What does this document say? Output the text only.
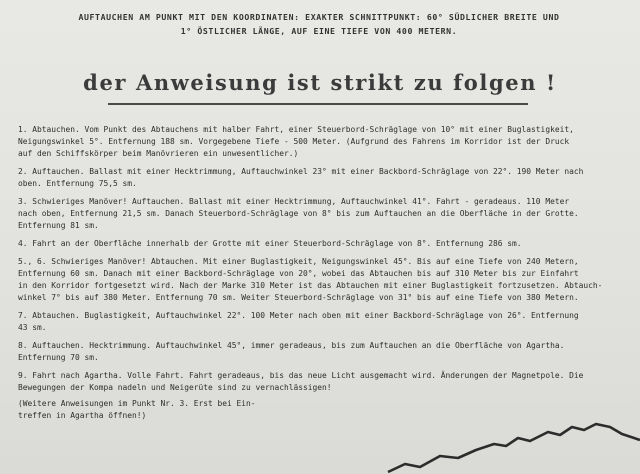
AUFTAUCHEN AM PUNKT MIT DEN KOORDINATEN: EXAKTER SCHNITTPUNKT: 60° SÜDLICHER BREITE UND
1° ÖSTLICHER LÄNGE, AUF EINE TIEFE VON 400 METERN.
der Anweisung ist strikt zu folgen !
1. Abtauchen. Vom Punkt des Abtauchens mit halber Fahrt, einer Steuerbord-Schräglage von 10° mit einer Buglastigkeit,
Neigungswinkel 5°. Entfernung 188 sm. Vorgegebene Tiefe - 500 Meter. (Aufgrund des Fahrens im Korridor ist der Druck
auf den Schiffskörper beim Manövrieren ein unwesentlicher.)
2. Auftauchen. Ballast mit einer Hecktrimmung, Auftauchwinkel 23° mit einer Backbord-Schräglage von 22°. 190 Meter nach
oben. Entfernung 75,5 sm.
3. Schwieriges Manöver! Auftauchen. Ballast mit einer Hecktrimmung, Auftauchwinkel 41°. Fahrt - geradeaus. 110 Meter
nach oben, Entfernung 21,5 sm. Danach Steuerbord-Schräglage von 8° bis zum Auftauchen an die Oberfläche in der Grotte.
Entfernung 81 sm.
4. Fahrt an der Oberfläche innerhalb der Grotte mit einer Steuerbord-Schräglage von 8°. Entfernung 286 sm.
5., 6. Schwieriges Manöver! Abtauchen. Mit einer Buglastigkeit, Neigungswinkel 45°. Bis auf eine Tiefe von 240 Metern,
Entfernung 60 sm. Danach mit einer Backbord-Schräglage von 20°, wobei das Abtauchen bis auf 310 Meter bis zur Einfahrt
in den Korridor fortgesetzt wird. Nach der Marke 310 Meter ist das Abtauchen mit einer Buglastigkeit fortzusetzen. Abtauch-
winkel 7° bis auf 380 Meter. Entfernung 70 sm. Weiter Steuerbord-Schräglage von 31° bis auf eine Tiefe von 380 Metern.
7. Abtauchen. Buglastigkeit, Auftauchwinkel 22°. 100 Meter nach oben mit einer Backbord-Schräglage von 26°. Entfernung
43 sm.
8. Auftauchen. Hecktrimmung. Auftauchwinkel 45°, immer geradeaus, bis zum Auftauchen an die Oberfläche von Agartha.
Entfernung 70 sm.
9. Fahrt nach Agartha. Volle Fahrt. Fahrt geradeaus, bis das neue Licht ausgemacht wird. Änderungen der Magnetpole. Die
Bewegungen der Kompa nadeln und Neigerüte sind zu vernachlässigen!
(Weitere Anweisungen im Punkt Nr. 3. Erst bei Ein-
treffen in Agartha öffnen!)
